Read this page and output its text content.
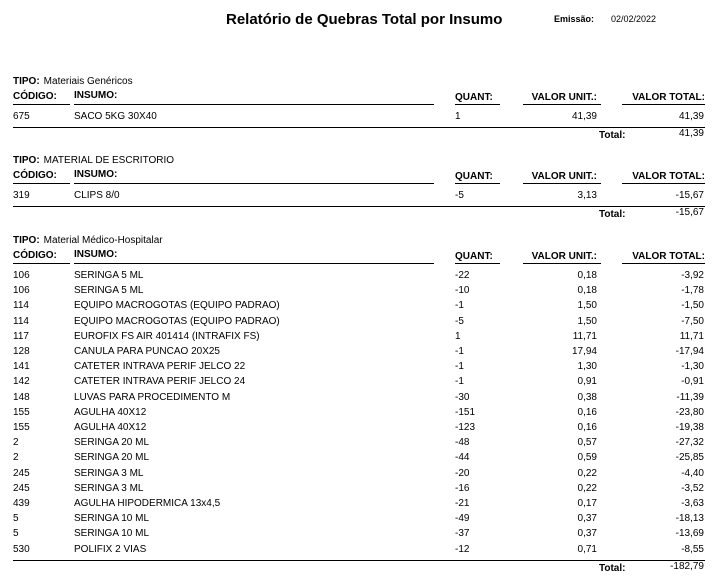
Relatório de Quebras Total por Insumo	Emissão: 02/02/2022
TIPO: Materiais Genéricos
CÓDIGO: INSUMO:	QUANT:	VALOR UNIT.:	VALOR TOTAL:
675	SACO 5KG 30X40	1	41,39	41,39
Total:	41,39
TIPO: MATERIAL DE ESCRITORIO
CÓDIGO: INSUMO:	QUANT:	VALOR UNIT.:	VALOR TOTAL:
319	CLIPS 8/0	-5	3,13	-15,67
Total:	-15,67
TIPO: Material Médico-Hospitalar
CÓDIGO: INSUMO:	QUANT:	VALOR UNIT.:	VALOR TOTAL:
106	SERINGA 5 ML	-22	0,18	-3,92
106	SERINGA 5 ML	-10	0,18	-1,78
114	EQUIPO MACROGOTAS (EQUIPO PADRAO)	-1	1,50	-1,50
114	EQUIPO MACROGOTAS (EQUIPO PADRAO)	-5	1,50	-7,50
117	EUROFIX FS AIR 401414 (INTRAFIX FS)	1	11,71	11,71
128	CANULA PARA PUNCAO 20X25	-1	17,94	-17,94
141	CATETER INTRAVA PERIF JELCO 22	-1	1,30	-1,30
142	CATETER INTRAVA PERIF JELCO 24	-1	0,91	-0,91
148	LUVAS PARA PROCEDIMENTO M	-30	0,38	-11,39
155	AGULHA 40X12	-151	0,16	-23,80
155	AGULHA 40X12	-123	0,16	-19,38
2	SERINGA 20 ML	-48	0,57	-27,32
2	SERINGA 20 ML	-44	0,59	-25,85
245	SERINGA 3 ML	-20	0,22	-4,40
245	SERINGA 3 ML	-16	0,22	-3,52
439	AGULHA HIPODERMICA 13x4,5	-21	0,17	-3,63
5	SERINGA 10 ML	-49	0,37	-18,13
5	SERINGA 10 ML	-37	0,37	-13,69
530	POLIFIX 2 VIAS	-12	0,71	-8,55
Total:	-182,79
